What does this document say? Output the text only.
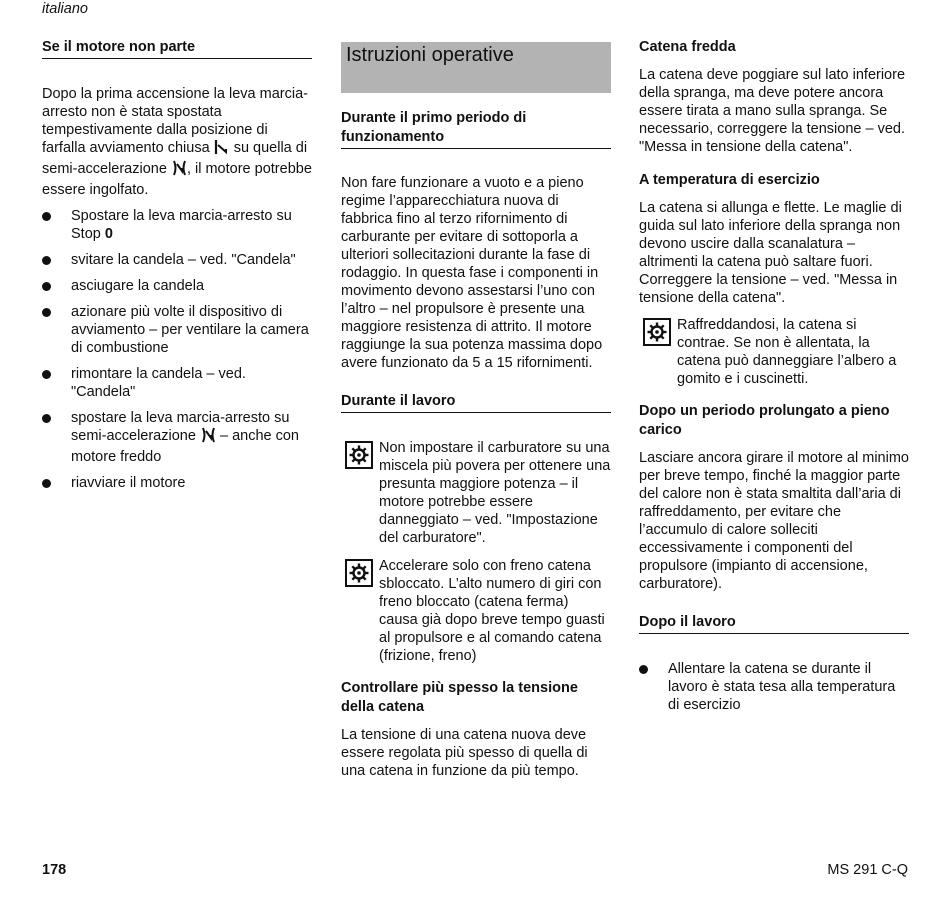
italiano
Se il motore non parte

Dopo la prima accensione la leva marcia-arresto non è stata spostata tempestivamente dalla posizione di farfalla avviamento chiusa  su quella di semi-accelerazione , il motore potrebbe essere ingolfato.

Spostare la leva marcia-arresto su Stop 0
svitare la candela – ved. "Candela"
asciugare la candela
azionare più volte il dispositivo di avviamento – per ventilare la camera di combustione
rimontare la candela – ved. "Candela"
spostare la leva marcia-arresto su semi-accelerazione  – anche con motore freddo
riavviare il motore
Istruzioni operative
Durante il primo periodo di funzionamento

Non fare funzionare a vuoto e a pieno regime l’apparecchiatura nuova di fabbrica fino al terzo rifornimento di carburante per evitare di sottoporla a ulteriori sollecitazioni durante la fase di rodaggio. In questa fase i componenti in movimento devono assestarsi l’uno con l’altro – nel propulsore è presente una maggiore resistenza di attrito. Il motore raggiunge la sua potenza massima dopo avere funzionato da 5 a 15 rifornimenti.

Durante il lavoro

Non impostare il carburatore su una miscela più povera per ottenere una presunta maggiore potenza – il motore potrebbe essere danneggiato – ved. "Impostazione del carburatore".

Accelerare solo con freno catena sbloccato. L’alto numero di giri con freno bloccato (catena ferma) causa già dopo breve tempo guasti al propulsore e al comando catena (frizione, freno)

Controllare più spesso la tensione della catena

La tensione di una catena nuova deve essere regolata più spesso di quella di una catena in funzione da più tempo.

Catena fredda

La catena deve poggiare sul lato inferiore della spranga, ma deve potere ancora essere tirata a mano sulla spranga. Se necessario, correggere la tensione – ved. "Messa in tensione della catena".

A temperatura di esercizio

La catena si allunga e flette. Le maglie di guida sul lato inferiore della spranga non devono uscire dalla scanalatura – altrimenti la catena può saltare fuori. Correggere la tensione – ved. "Messa in tensione della catena".

Raffreddandosi, la catena si contrae. Se non è allentata, la catena può danneggiare l’albero a gomito e i cuscinetti.

Dopo un periodo prolungato a pieno carico

Lasciare ancora girare il motore al minimo per breve tempo, finché la maggior parte del calore non è stata smaltita dall’aria di raffreddamento, per evitare che l’accumulo di calore solleciti eccessivamente i componenti del propulsore (impianto di accensione, carburatore).

Dopo il lavoro
Allentare la catena se durante il lavoro è stata tesa alla temperatura di esercizio
178	MS 291 C-Q
